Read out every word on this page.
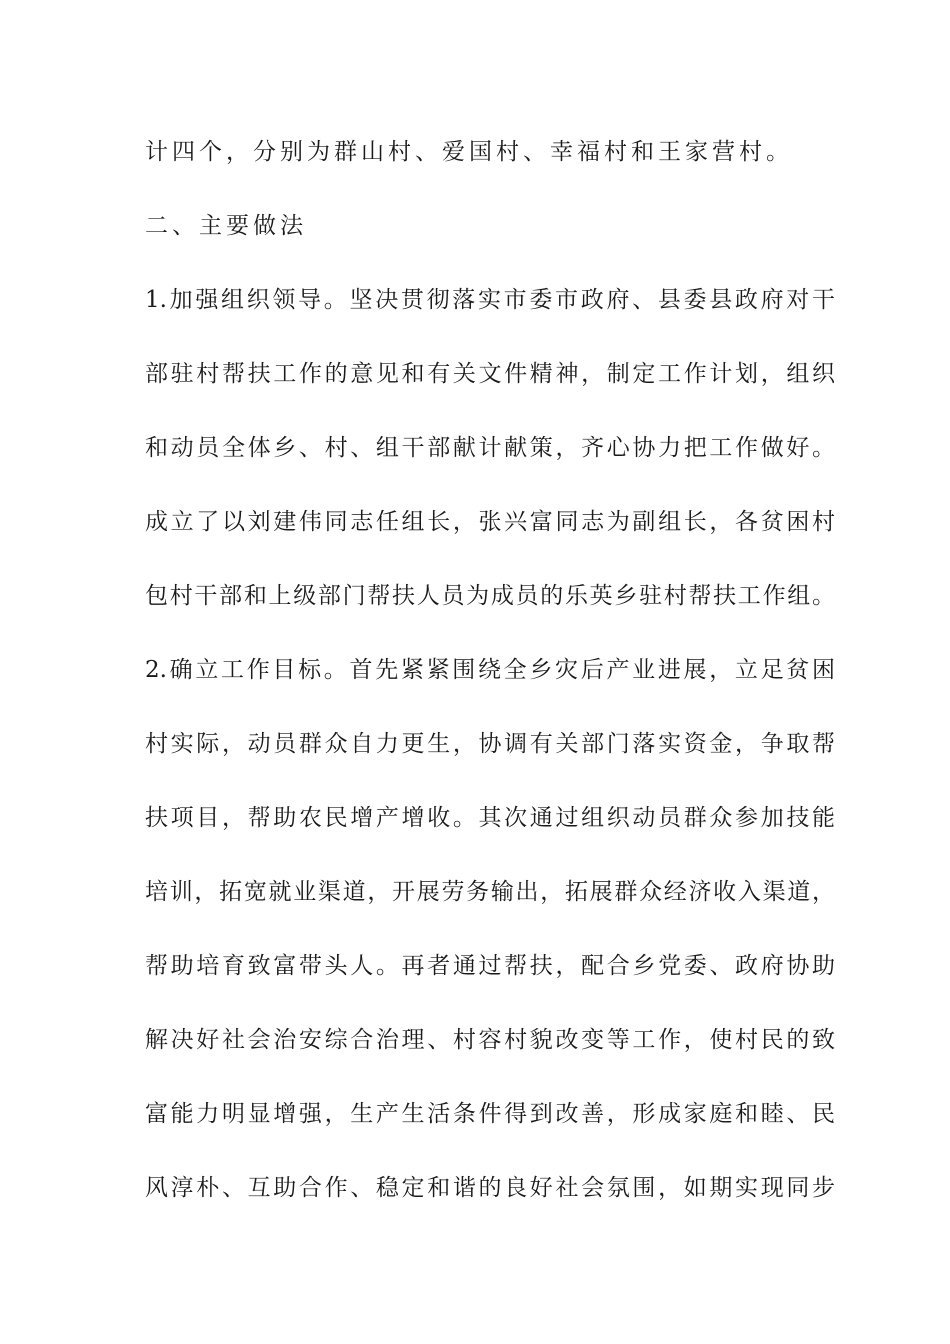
计四个，分别为群山村、爱国村、幸福村和王家营村。
二、主要做法
1.加强组织领导。坚决贯彻落实市委市政府、县委县政府对干
部驻村帮扶工作的意见和有关文件精神，制定工作计划，组织
和动员全体乡、村、组干部献计献策，齐心协力把工作做好。
成立了以刘建伟同志任组长，张兴富同志为副组长，各贫困村
包村干部和上级部门帮扶人员为成员的乐英乡驻村帮扶工作组。
2.确立工作目标。首先紧紧围绕全乡灾后产业进展，立足贫困
村实际，动员群众自力更生，协调有关部门落实资金，争取帮
扶项目，帮助农民增产增收。其次通过组织动员群众参加技能
培训，拓宽就业渠道，开展劳务输出，拓展群众经济收入渠道，
帮助培育致富带头人。再者通过帮扶，配合乡党委、政府协助
解决好社会治安综合治理、村容村貌改变等工作，使村民的致
富能力明显增强，生产生活条件得到改善，形成家庭和睦、民
风淳朴、互助合作、稳定和谐的良好社会氛围，如期实现同步
